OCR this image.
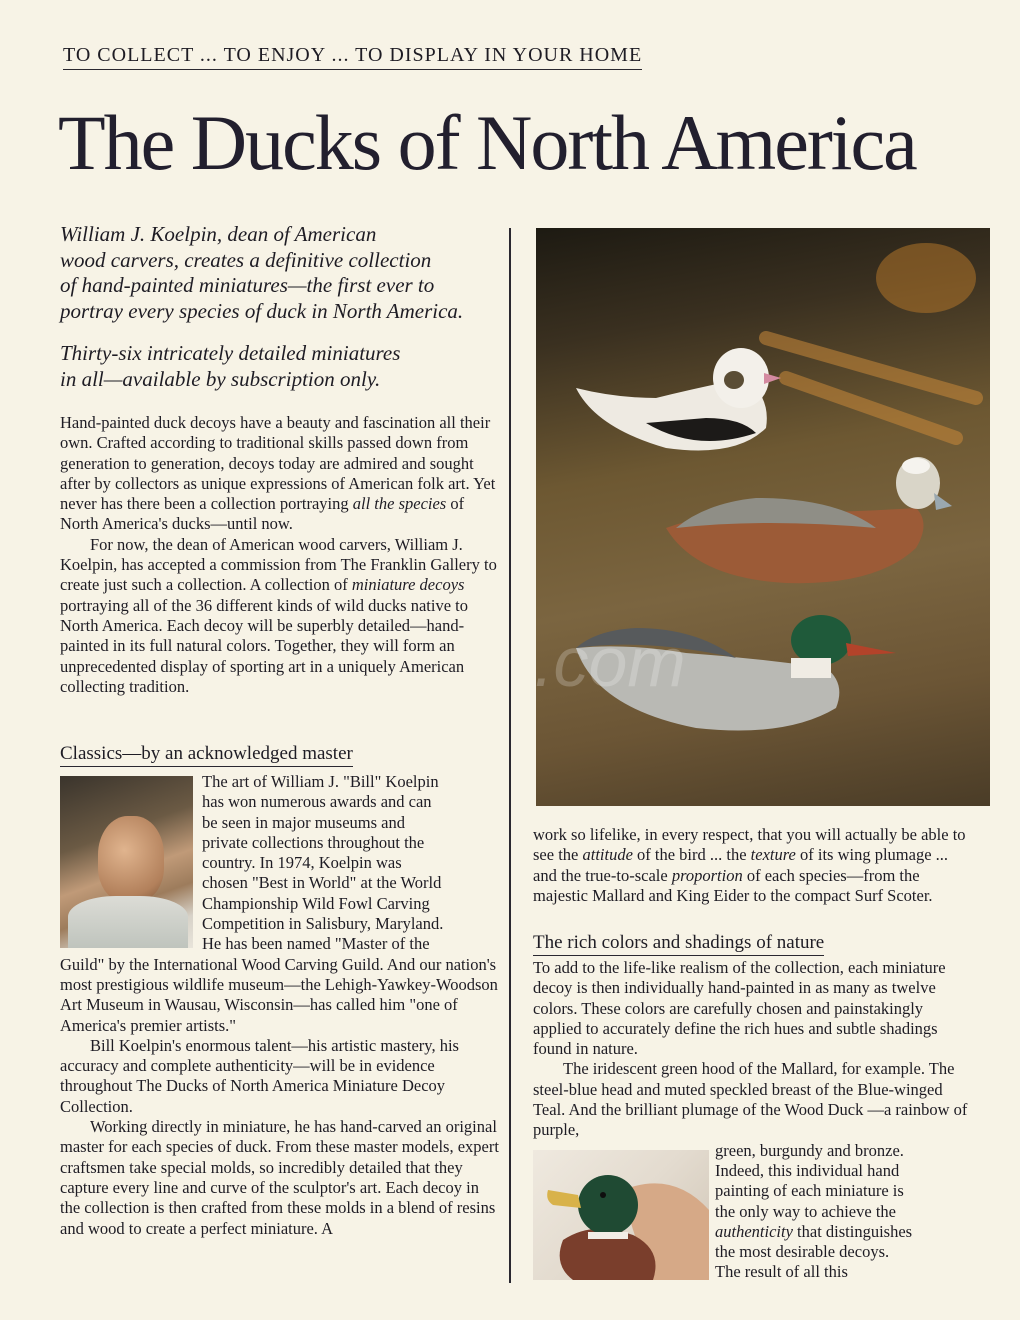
TO COLLECT ... TO ENJOY ... TO DISPLAY IN YOUR HOME
The Ducks of North America
William J. Koelpin, dean of American
wood carvers, creates a definitive collection
of hand-painted miniatures—the first ever to
portray every species of duck in North America.
Thirty-six intricately detailed miniatures
in all—available by subscription only.

Hand-painted duck decoys have a beauty and fascination all their own. Crafted according to traditional skills passed down from generation to generation, decoys today are admired and sought after by collectors as unique expressions of American folk art. Yet never has there been a collection portraying all the species of North America's ducks—until now.

For now, the dean of American wood carvers, William J. Koelpin, has accepted a commission from The Franklin Gallery to create just such a collection. A collection of miniature decoys portraying all of the 36 different kinds of wild ducks native to North America. Each decoy will be superbly detailed—hand-painted in its full natural colors. Together, they will form an unprecedented display of sporting art in a uniquely American collecting tradition.

Classics—by an acknowledged master
The art of William J. "Bill" Koelpin
has won numerous awards and can
be seen in major museums and
private collections throughout the
country. In 1974, Koelpin was
chosen "Best in World" at the World
Championship Wild Fowl Carving
Competition in Salisbury, Maryland.
He has been named "Master of the

Guild" by the International Wood Carving Guild. And our nation's most prestigious wildlife museum—the Lehigh-Yawkey-Woodson Art Museum in Wausau, Wisconsin—has called him "one of America's premier artists."

Bill Koelpin's enormous talent—his artistic mastery, his accuracy and complete authenticity—will be in evidence throughout The Ducks of North America Miniature Decoy Collection.

Working directly in miniature, he has hand-carved an original master for each species of duck. From these master models, expert craftsmen take special molds, so incredibly detailed that they capture every line and curve of the sculptor's art. Each decoy in the collection is then crafted from these molds in a blend of resins and wood to create a perfect miniature. A

.com

work so lifelike, in every respect, that you will actually be able to see the attitude of the bird ... the texture of its wing plumage ... and the true-to-scale proportion of each species—from the majestic Mallard and King Eider to the compact Surf Scoter.

The rich colors and shadings of nature

To add to the life-like realism of the collection, each miniature decoy is then individually hand-painted in as many as twelve colors. These colors are carefully chosen and painstakingly applied to accurately define the rich hues and subtle shadings found in nature.

The iridescent green hood of the Mallard, for example. The steel-blue head and muted speckled breast of the Blue-winged Teal. And the brilliant plumage of the Wood Duck —a rainbow of purple,

green, burgundy and bronze.
Indeed, this individual hand
painting of each miniature is
the only way to achieve the
authenticity that distinguishes
the most desirable decoys.
The result of all this
